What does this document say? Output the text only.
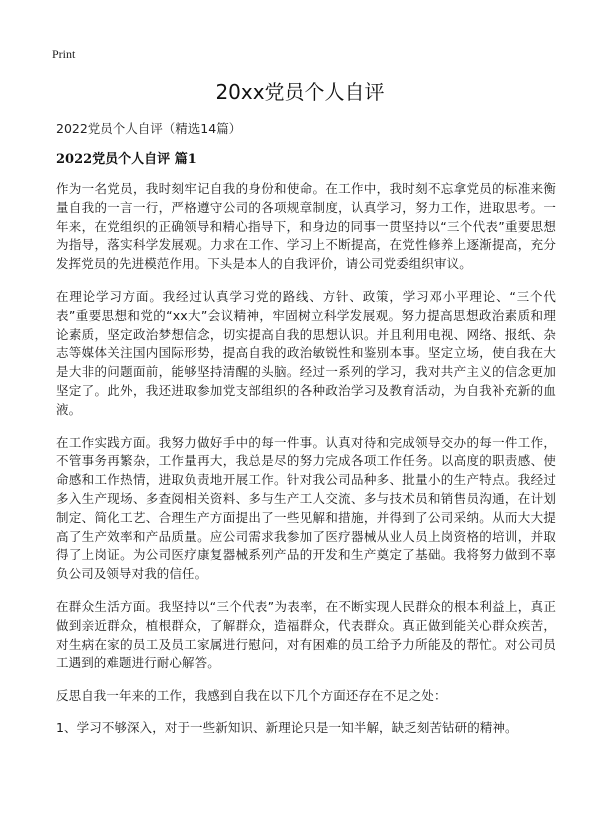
Print
20xx党员个人自评
2022党员个人自评（精选14篇）
2022党员个人自评 篇1

作为一名党员，我时刻牢记自我的身份和使命。在工作中，我时刻不忘拿党员的标准来衡量自我的一言一行，严格遵守公司的各项规章制度，认真学习，努力工作，进取思考。一年来，在党组织的正确领导和精心指导下，和身边的同事一贯坚持以“三个代表”重要思想为指导，落实科学发展观。力求在工作、学习上不断提高，在党性修养上逐渐提高，充分发挥党员的先进模范作用。下头是本人的自我评价，请公司党委组织审议。

在理论学习方面。我经过认真学习党的路线、方针、政策，学习邓小平理论、“三个代表”重要思想和党的“xx大”会议精神，牢固树立科学发展观。努力提高思想政治素质和理论素质，坚定政治梦想信念，切实提高自我的思想认识。并且利用电视、网络、报纸、杂志等媒体关注国内国际形势，提高自我的政治敏锐性和鉴别本事。坚定立场，使自我在大是大非的问题面前，能够坚持清醒的头脑。经过一系列的学习，我对共产主义的信念更加坚定了。此外，我还进取参加党支部组织的各种政治学习及教育活动，为自我补充新的血液。

在工作实践方面。我努力做好手中的每一件事。认真对待和完成领导交办的每一件工作，不管事务再繁杂，工作量再大，我总是尽的努力完成各项工作任务。以高度的职责感、使命感和工作热情，进取负责地开展工作。针对我公司品种多、批量小的生产特点。我经过多入生产现场、多查阅相关资料、多与生产工人交流、多与技术员和销售员沟通，在计划制定、简化工艺、合理生产方面提出了一些见解和措施，并得到了公司采纳。从而大大提高了生产效率和产品质量。应公司需求我参加了医疗器械从业人员上岗资格的培训，并取得了上岗证。为公司医疗康复器械系列产品的开发和生产奠定了基础。我将努力做到不辜负公司及领导对我的信任。

在群众生活方面。我坚持以“三个代表”为表率，在不断实现人民群众的根本利益上，真正做到亲近群众，植根群众，了解群众，造福群众，代表群众。真正做到能关心群众疾苦，对生病在家的员工及员工家属进行慰问，对有困难的员工给予力所能及的帮忙。对公司员工遇到的难题进行耐心解答。

反思自我一年来的工作，我感到自我在以下几个方面还存在不足之处：

1、学习不够深入，对于一些新知识、新理论只是一知半解，缺乏刻苦钻研的精神。
